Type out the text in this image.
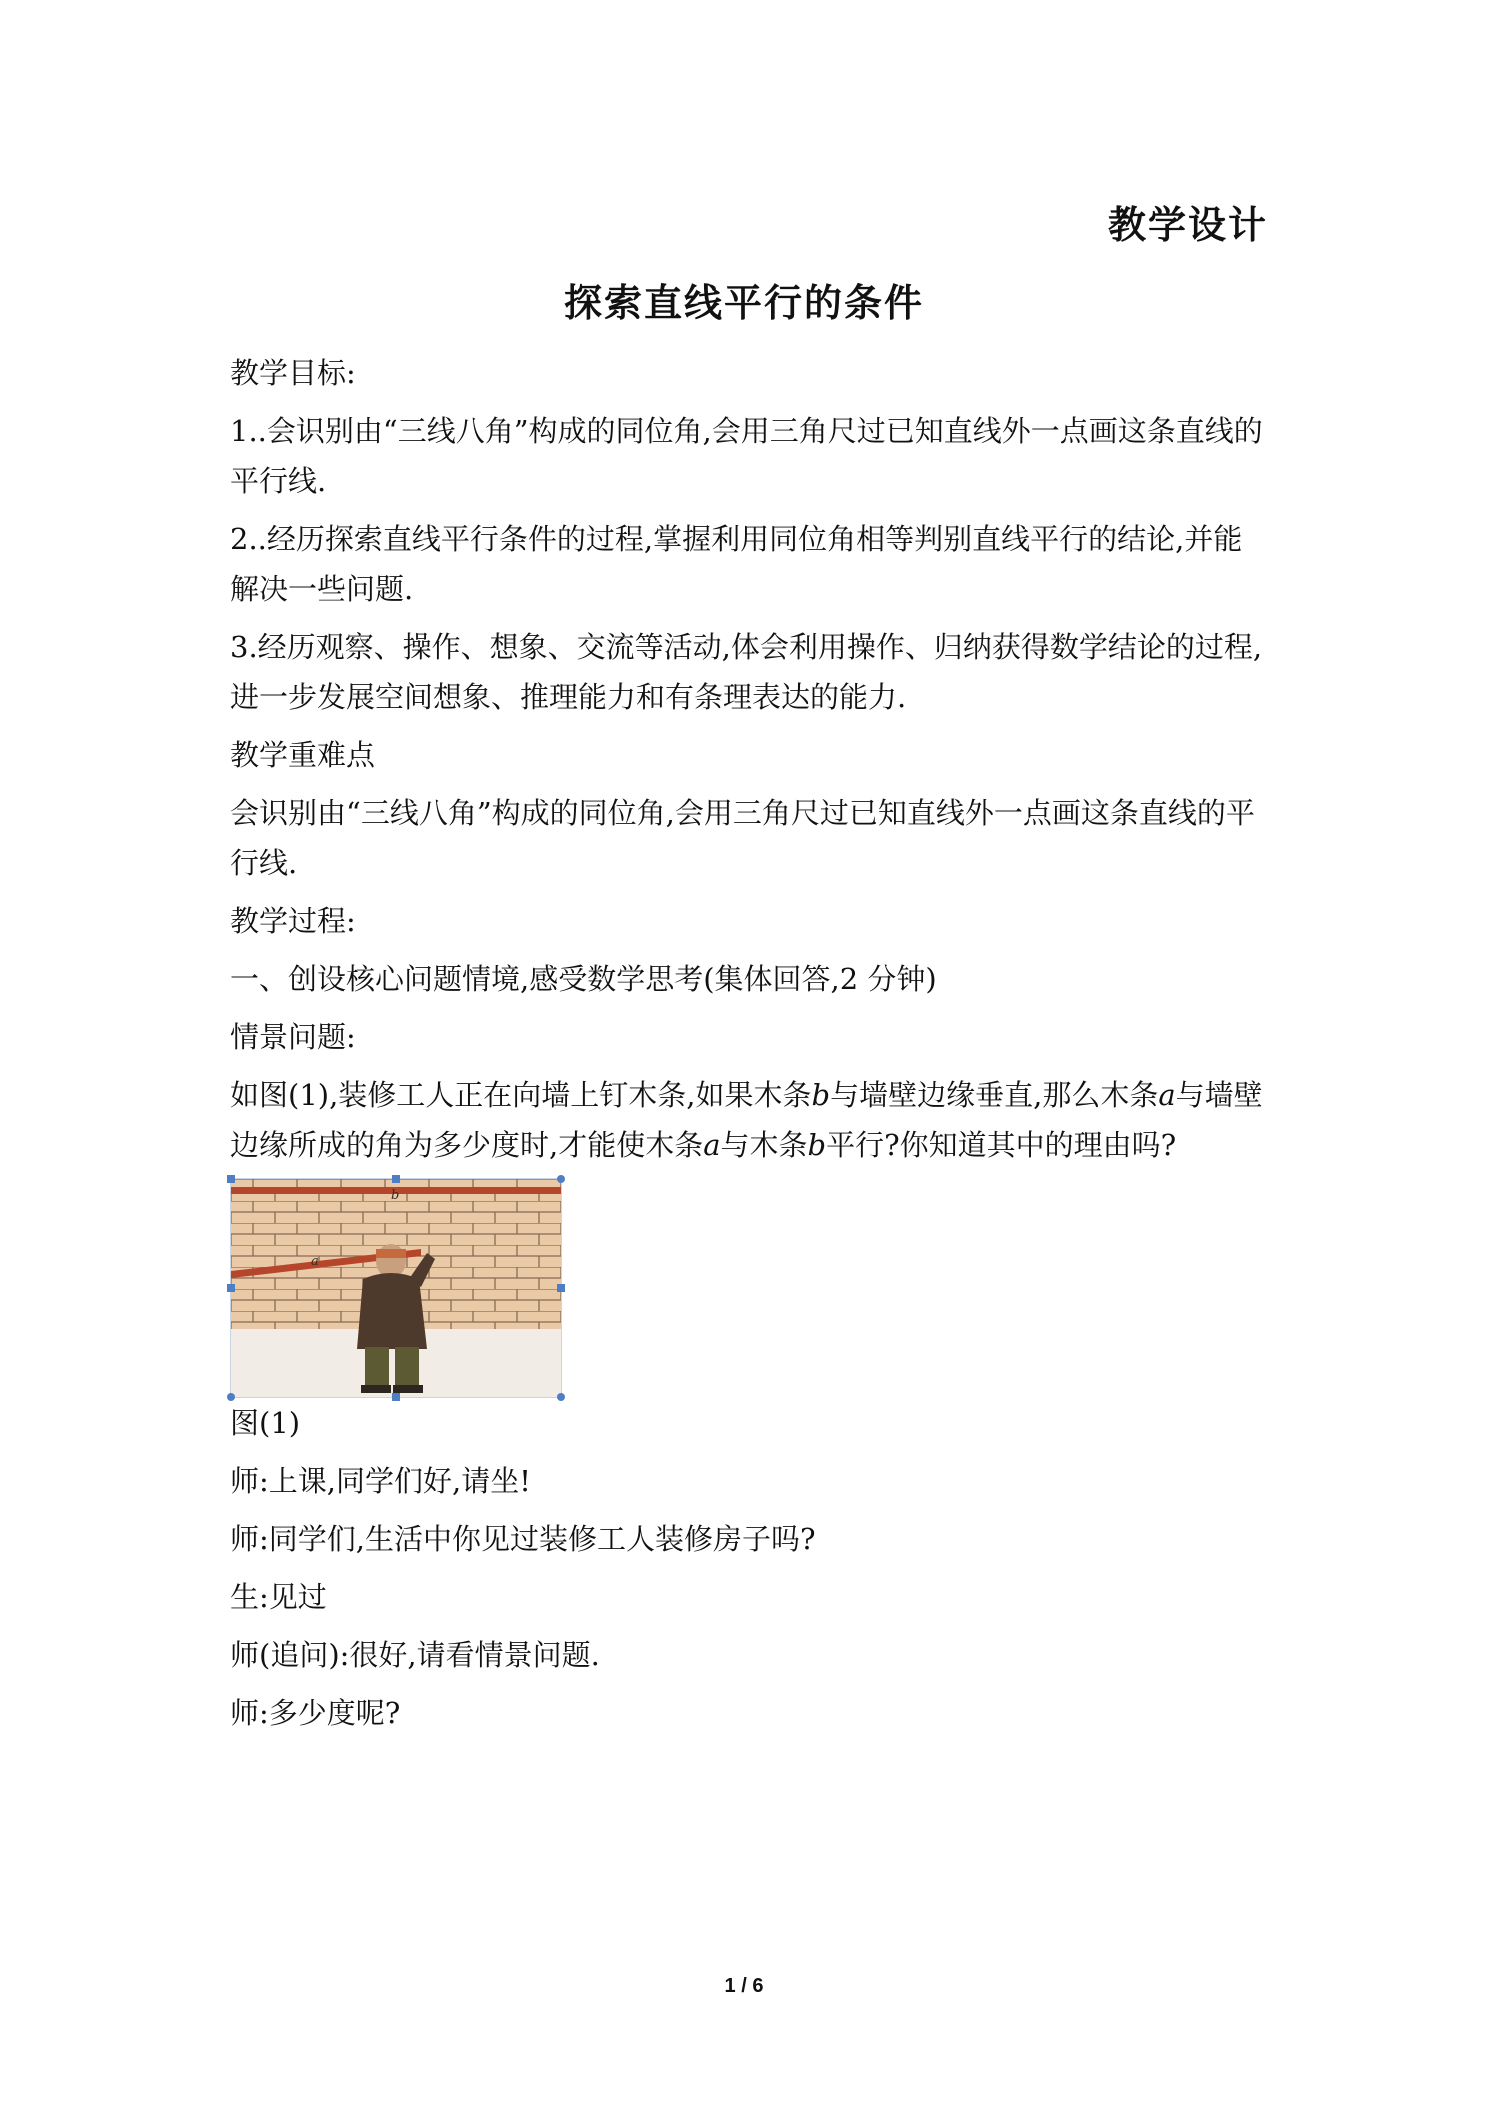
教学设计
探索直线平行的条件

教学目标:

1..会识别由“三线八角”构成的同位角,会用三角尺过已知直线外一点画这条直线的平行线.

2..经历探索直线平行条件的过程,掌握利用同位角相等判别直线平行的结论,并能解决一些问题.

3.经历观察、操作、想象、交流等活动,体会利用操作、归纳获得数学结论的过程,进一步发展空间想象、推理能力和有条理表达的能力.

教学重难点

会识别由“三线八角”构成的同位角,会用三角尺过已知直线外一点画这条直线的平行线.

教学过程:

一、创设核心问题情境,感受数学思考(集体回答,2 分钟)

情景问题:

如图(1),装修工人正在向墙上钉木条,如果木条b与墙壁边缘垂直,那么木条a与墙壁边缘所成的角为多少度时,才能使木条a与木条b平行?你知道其中的理由吗?

b
a

图(1)

师:上课,同学们好,请坐!

师:同学们,生活中你见过装修工人装修房子吗?

生:见过

师(追问):很好,请看情景问题.

师:多少度呢?

1 / 6
